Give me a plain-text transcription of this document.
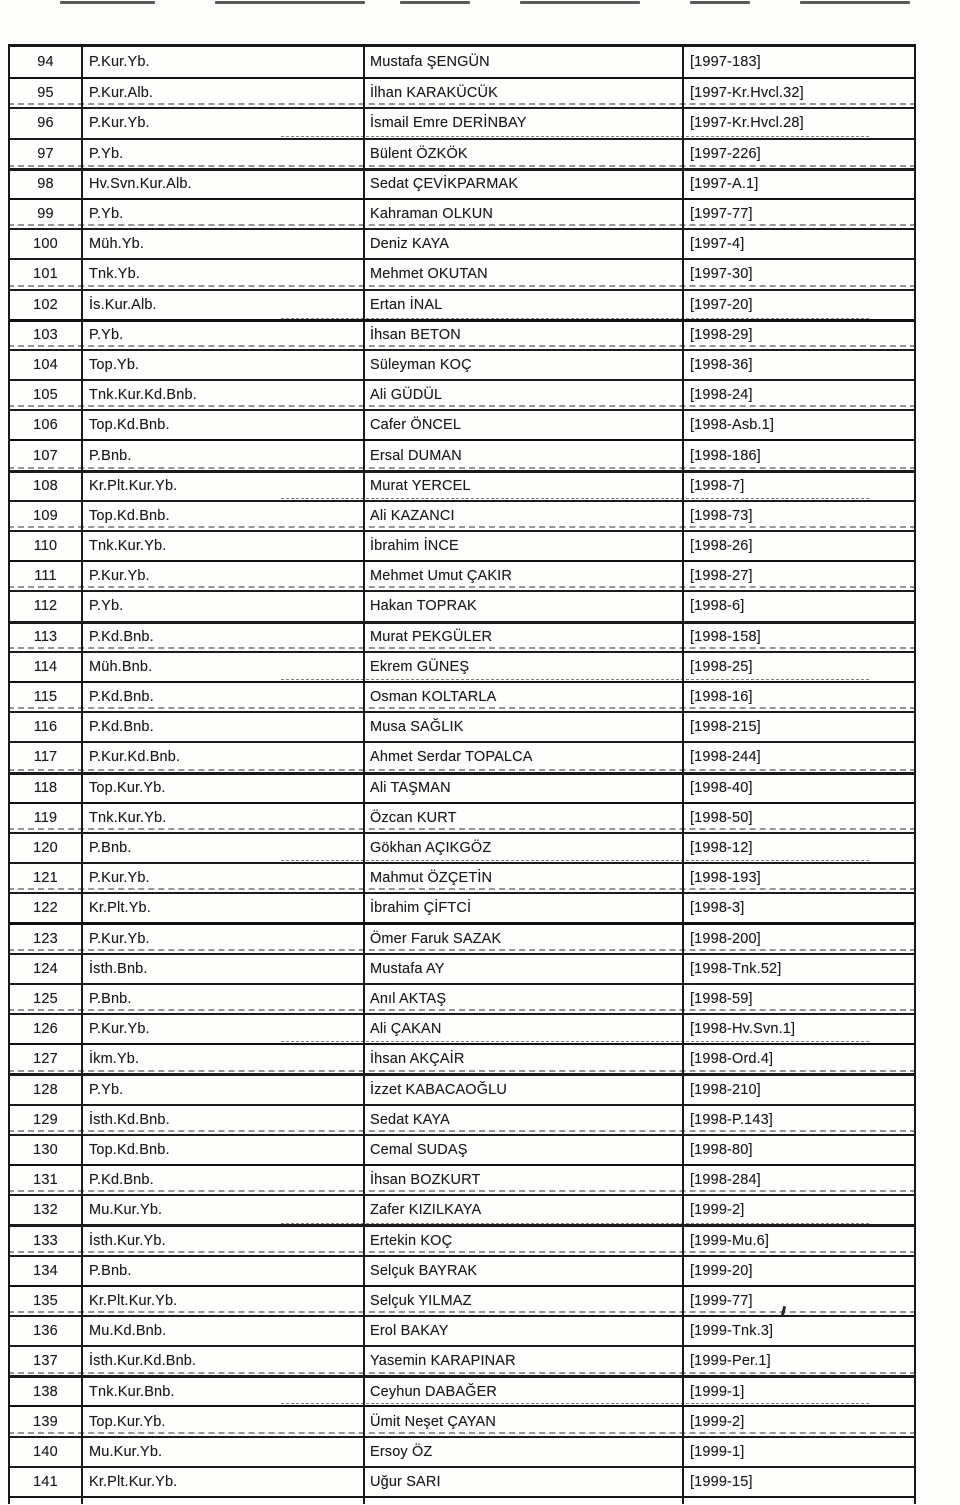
94	P.Kur.Yb.	Mustafa ŞENGÜN	[1997-183]
95	P.Kur.Alb.	İlhan KARAKÜCÜK	[1997-Kr.Hvcl.32]
96	P.Kur.Yb.	İsmail Emre DERİNBAY	[1997-Kr.Hvcl.28]
97	P.Yb.	Bülent ÖZKÖK	[1997-226]
98	Hv.Svn.Kur.Alb.	Sedat ÇEVİKPARMAK	[1997-A.1]
99	P.Yb.	Kahraman OLKUN	[1997-77]
100	Müh.Yb.	Deniz KAYA	[1997-4]
101	Tnk.Yb.	Mehmet OKUTAN	[1997-30]
102	İs.Kur.Alb.	Ertan İNAL	[1997-20]
103	P.Yb.	İhsan BETON	[1998-29]
104	Top.Yb.	Süleyman KOÇ	[1998-36]
105	Tnk.Kur.Kd.Bnb.	Ali GÜDÜL	[1998-24]
106	Top.Kd.Bnb.	Cafer ÖNCEL	[1998-Asb.1]
107	P.Bnb.	Ersal DUMAN	[1998-186]
108	Kr.Plt.Kur.Yb.	Murat YERCEL	[1998-7]
109	Top.Kd.Bnb.	Ali KAZANCI	[1998-73]
110	Tnk.Kur.Yb.	İbrahim İNCE	[1998-26]
111	P.Kur.Yb.	Mehmet Umut ÇAKIR	[1998-27]
112	P.Yb.	Hakan TOPRAK	[1998-6]
113	P.Kd.Bnb.	Murat PEKGÜLER	[1998-158]
114	Müh.Bnb.	Ekrem GÜNEŞ	[1998-25]
115	P.Kd.Bnb.	Osman KOLTARLA	[1998-16]
116	P.Kd.Bnb.	Musa SAĞLIK	[1998-215]
117	P.Kur.Kd.Bnb.	Ahmet Serdar TOPALCA	[1998-244]
118	Top.Kur.Yb.	Ali TAŞMAN	[1998-40]
119	Tnk.Kur.Yb.	Özcan KURT	[1998-50]
120	P.Bnb.	Gökhan AÇIKGÖZ	[1998-12]
121	P.Kur.Yb.	Mahmut ÖZÇETİN	[1998-193]
122	Kr.Plt.Yb.	İbrahim ÇİFTCİ	[1998-3]
123	P.Kur.Yb.	Ömer Faruk SAZAK	[1998-200]
124	İsth.Bnb.	Mustafa AY	[1998-Tnk.52]
125	P.Bnb.	Anıl AKTAŞ	[1998-59]
126	P.Kur.Yb.	Ali ÇAKAN	[1998-Hv.Svn.1]
127	İkm.Yb.	İhsan AKÇAİR	[1998-Ord.4]
128	P.Yb.	İzzet KABACAOĞLU	[1998-210]
129	İsth.Kd.Bnb.	Sedat KAYA	[1998-P.143]
130	Top.Kd.Bnb.	Cemal SUDAŞ	[1998-80]
131	P.Kd.Bnb.	İhsan BOZKURT	[1998-284]
132	Mu.Kur.Yb.	Zafer KIZILKAYA	[1999-2]
133	İsth.Kur.Yb.	Ertekin KOÇ	[1999-Mu.6]
134	P.Bnb.	Selçuk BAYRAK	[1999-20]
135	Kr.Plt.Kur.Yb.	Selçuk YILMAZ	[1999-77]
136	Mu.Kd.Bnb.	Erol BAKAY	[1999-Tnk.3]
137	İsth.Kur.Kd.Bnb.	Yasemin KARAPINAR	[1999-Per.1]
138	Tnk.Kur.Bnb.	Ceyhun DABAĞER	[1999-1]
139	Top.Kur.Yb.	Ümit Neşet ÇAYAN	[1999-2]
140	Mu.Kur.Yb.	Ersoy ÖZ	[1999-1]
141	Kr.Plt.Kur.Yb.	Uğur SARI	[1999-15]
